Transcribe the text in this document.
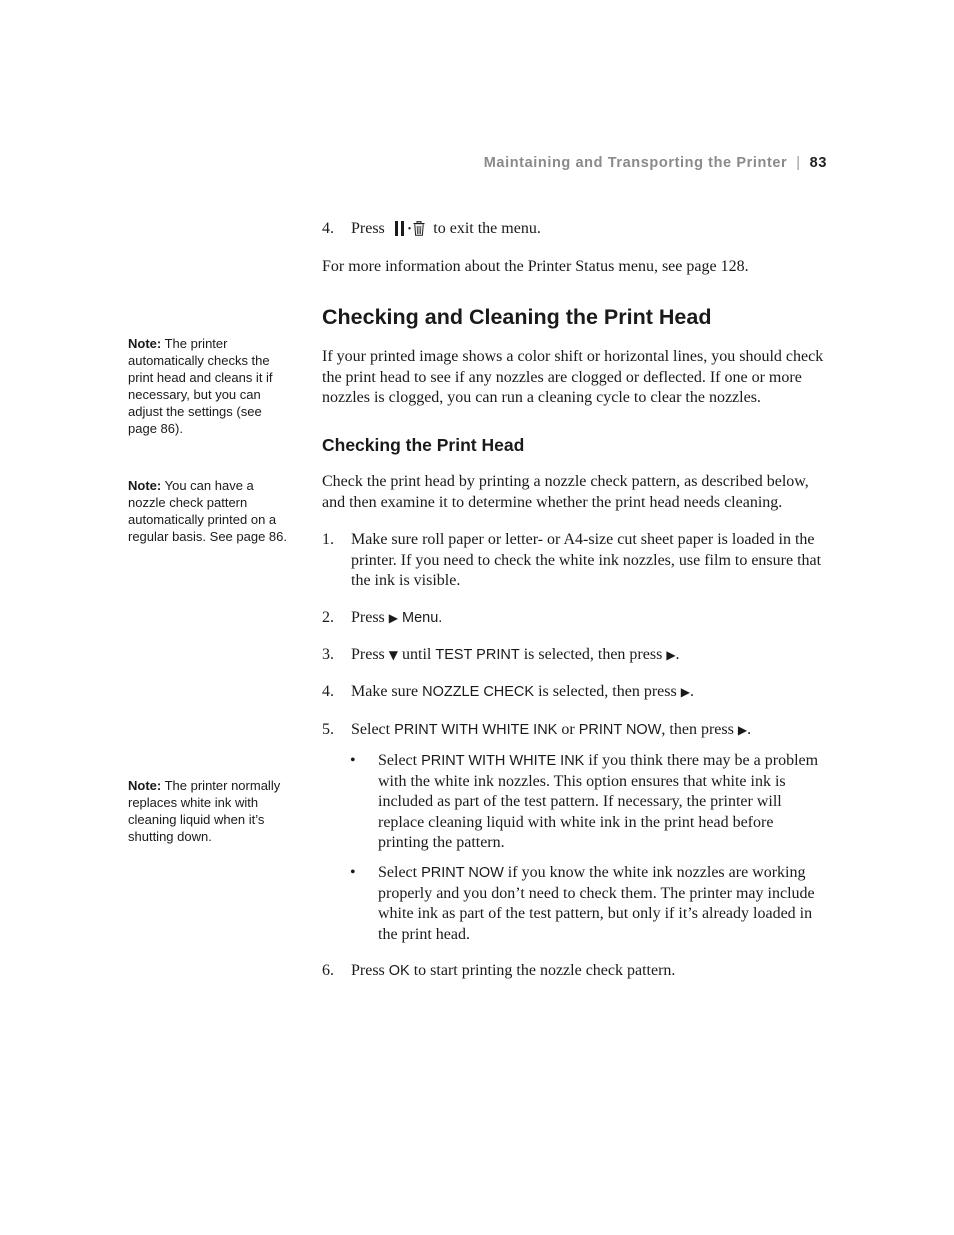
Maintaining and Transporting the Printer | 83
4. Press • to exit the menu.

For more information about the Printer Status menu, see page 128.

Checking and Cleaning the Print Head

If your printed image shows a color shift or horizontal lines, you should check the print head to see if any nozzles are clogged or deflected. If one or more nozzles is clogged, you can run a cleaning cycle to clear the nozzles.

Checking the Print Head

Check the print head by printing a nozzle check pattern, as described below, and then examine it to determine whether the print head needs cleaning.

1. Make sure roll paper or letter- or A4-size cut sheet paper is loaded in the printer. If you need to check the white ink nozzles, use film to ensure that the ink is visible.
2. Press ▶ Menu.
3. Press ▼ until TEST PRINT is selected, then press ▶.
4. Make sure NOZZLE CHECK is selected, then press ▶.
5. Select PRINT WITH WHITE INK or PRINT NOW, then press ▶.
• Select PRINT WITH WHITE INK if you think there may be a problem with the white ink nozzles. This option ensures that white ink is included as part of the test pattern. If necessary, the printer will replace cleaning liquid with white ink in the print head before printing the pattern.
• Select PRINT NOW if you know the white ink nozzles are working properly and you don’t need to check them. The printer may include white ink as part of the test pattern, but only if it’s already loaded in the print head.
6. Press OK to start printing the nozzle check pattern.
Note: The printer automatically checks the print head and cleans it if necessary, but you can adjust the settings (see page 86).
Note: You can have a nozzle check pattern automatically printed on a regular basis. See page 86.
Note: The printer normally replaces white ink with cleaning liquid when it’s shutting down.
